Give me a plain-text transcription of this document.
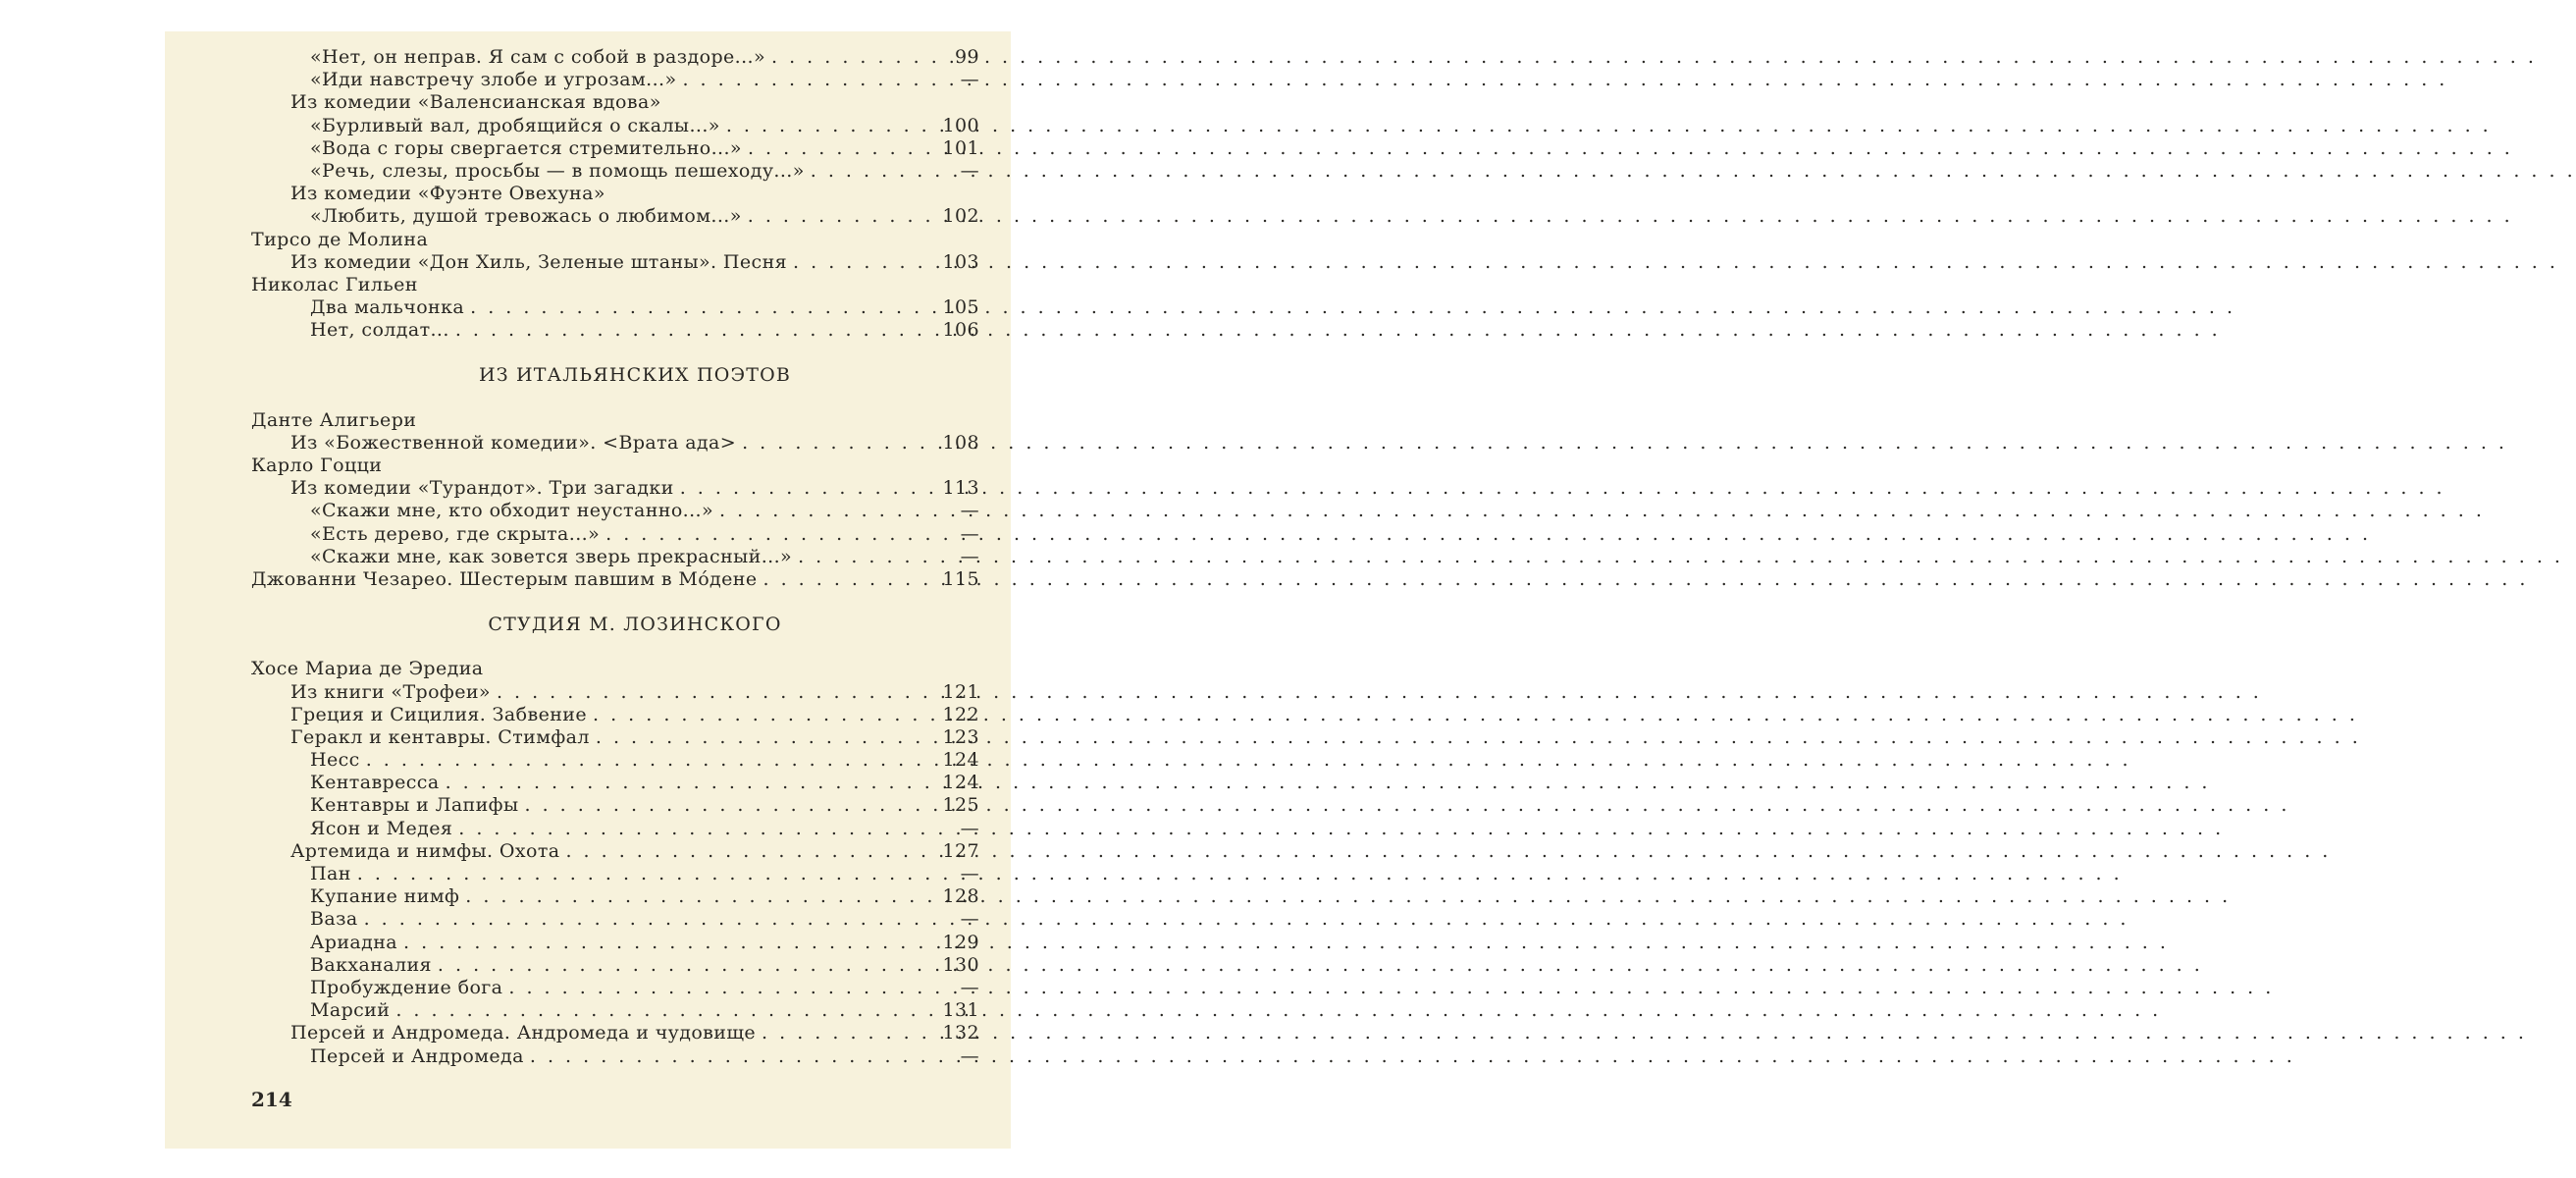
«Нет, он неправ. Я сам с собой в раздоре...» . . .	99
«Иди навстречу злобе и угрозам...» . . .	—
Из комедии «Валенсианская вдова»
«Бурливый вал, дробящийся о скалы...» . . .	100
«Вода с горы свергается стремительно...» . . .	101
«Речь, слезы, просьбы — в помощь пешеходу...» . . .	—
Из комедии «Фуэнте Овехуна»
«Любить, душой тревожась о любимом...» . . .	102
Тирсо де Молина
Из комедии «Дон Хиль, Зеленые штаны». Песня . . .	103
Николас Гильен
Два мальчонка . . .	105
Нет, солдат... . . .	106
ИЗ ИТАЛЬЯНСКИХ ПОЭТОВ
Данте Алигьери
Из «Божественной комедии». <Врата ада> . . .	108
Карло Гоцци
Из комедии «Турандот». Три загадки . . .	113
«Скажи мне, кто обходит неустанно...» . . .	—
«Есть дерево, где скрыта...» . . .	—
«Скажи мне, как зовется зверь прекрасный...» . . .	—
Джованни Чезарео. Шестерым павшим в Мóдене . . .	115
СТУДИЯ М. ЛОЗИНСКОГО
Хосе Мариа де Эредиа
Из книги «Трофеи» . . .	121
Греция и Сицилия. Забвение . . .	122
Геракл и кентавры. Стимфал . . .	123
Несс . . .	124
Кентавресса . . .	124
Кентавры и Лапифы . . .	125
Ясон и Медея . . .	—
Артемида и нимфы. Охота . . .	127
Пан . . .	—
Купание нимф . . .	128
Ваза . . .	—
Ариадна . . .	129
Вакханалия . . .	130
Пробуждение бога . . .	—
Марсий . . .	131
Персей и Андромеда. Андромеда и чудовище . . .	132
Персей и Андромеда . . .	—
214
